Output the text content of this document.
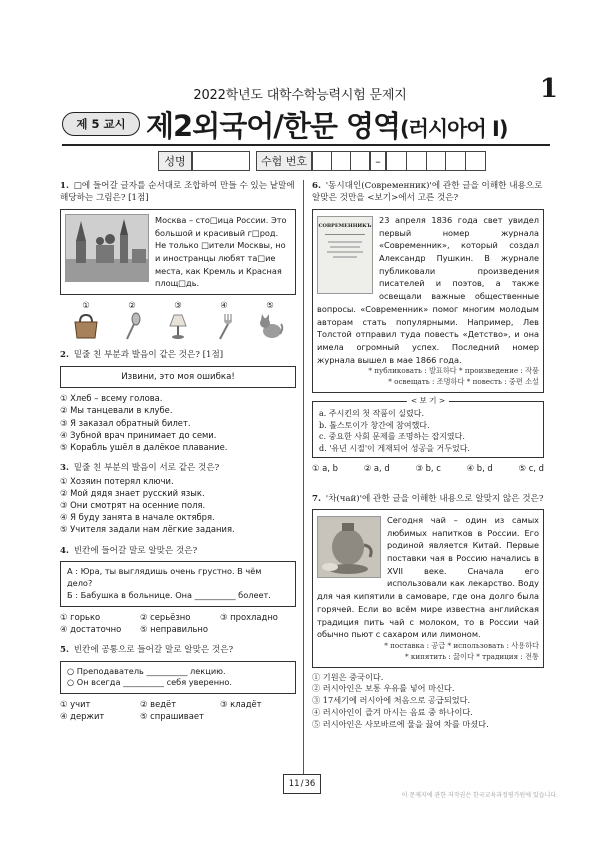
2022학년도 대학수학능력시험 문제지	1
제 5 교시 제2외국어/한문 영역(러시아어 Ⅰ)
성명	수험 번호	–
1. □에 들어갈 글자를 순서대로 조합하여 만들 수 있는 낱말에 해당하는 그림은? [1점]
Москва – сто□ица России. Это большой и красивый г□род. Не только □ители Москвы, но и иностранцы любят та□ие места, как Кремль и Красная площ□дь.
①	②	③	④	⑤
2. 밑줄 친 부분과 발음이 같은 것은? [1점]
Извини, это моя ошибка!
① Хлеб – всему голова.
② Мы танцевали в клубе.
③ Я заказал обратный билет.
④ Зубной врач принимает до семи.
⑤ Корабль ушёл в далёкое плавание.
3. 밑줄 친 부분의 발음이 서로 같은 것은?
① Хозяин потерял ключи.
② Мой дядя знает русский язык.
③ Они смотрят на осенние поля.
④ Я буду занята в начале октября.
⑤ Учителя задали нам лёгкие задания.
4. 빈칸에 들어갈 말로 알맞은 것은?
A : Юра, ты выглядишь очень грустно. В чём дело?
Б : Бабушка в больнице. Она __________ болеет.
① горько	② серьёзно	③ прохладно
④ достаточно	⑤ неправильно
5. 빈칸에 공통으로 들어갈 말로 알맞은 것은?
○ Преподаватель __________ лекцию.
○ Он всегда __________ себя уверенно.
① учит	② ведёт	③ кладёт
④ держит	⑤ спрашивает
6. '동시대인(Современник)'에 관한 글을 이해한 내용으로 알맞은 것만을 <보기>에서 고른 것은?
СОВРЕМЕННИКЪ
23 апреля 1836 года свет увидел первый номер журнала «Современник», который создал Александр Пушкин. В журнале публиковали произведения писателей и поэтов, а также освещали важные общественные вопросы. «Современник» помог многим молодым авторам стать популярными. Например, Лев Толстой отправил туда повесть «Детство», и она имела огромный успех. Последний номер журнала вышел в мае 1866 года.
* публиковать : 발표하다 * произведение : 작품
* освещать : 조명하다 * повесть : 중편 소설
< 보 기 >
a. 주시킨의 첫 작품이 실렸다.
b. 톨스토이가 창간에 참여했다.
c. 중요한 사회 문제를 조명하는 잡지였다.
d. '유년 시절'이 게재되어 성공을 거두었다.
① a, b	② a, d	③ b, c	④ b, d	⑤ c, d
7. '차(чай)'에 관한 글을 이해한 내용으로 알맞지 않은 것은?
Сегодня чай – один из самых любимых напитков в России. Его родиной является Китай. Первые поставки чая в Россию начались в XVII веке. Сначала его использовали как лекарство. Воду для чая кипятили в самоваре, где она долго была горячей. Если во всём мире известна английская традиция пить чай с молоком, то в России чай обычно пьют с сахаром или лимоном.
* поставка : 공급 * использовать : 사용하다
* кипятить : 끓이다 * традиция : 전통
① 기원은 중국이다.
② 러시아인은 보통 우유를 넣어 마신다.
③ 17세기에 러시아에 처음으로 공급되었다.
④ 러시아인이 즐겨 마시는 음료 중 하나이다.
⑤ 러시아인은 사모바르에 물을 끓여 차를 마셨다.
11 / 36
이 문제지에 관한 저작권은 한국교육과정평가원에 있습니다.
